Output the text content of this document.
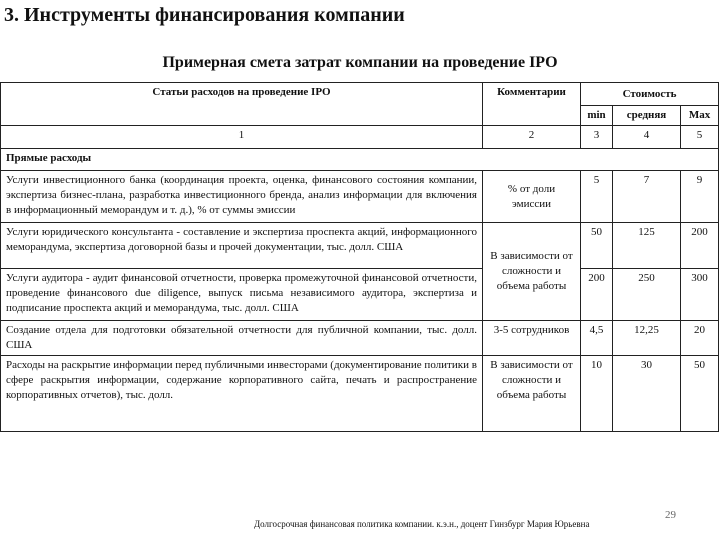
3. Инструменты финансирования компании
Примерная смета затрат компании на проведение IPO
Статьи расходов на проведение IPO	Комментарии	Стоимость		
		min	средняя	Max
1	2	3	4	5
Прямые расходы				
Услуги инвестиционного банка (координация проекта, оценка, финансового состояния компании, экспертиза бизнес-плана, разработка инвестиционного бренда, анализ информации для включения в информационный меморандум и т. д.), % от суммы эмиссии	% от доли эмиссии	5	7	9
Услуги юридического консультанта - составление и экспертиза проспекта акций, информационного меморандума, экспертиза договорной базы и прочей документации, тыс. долл. США	В зависимости от сложности и объема работы	50	125	200
Услуги аудитора - аудит финансовой отчетности, проверка промежуточной финансовой отчетности, проведение финансового due diligence, выпуск письма независимого аудитора, экспертиза и подписание проспекта акций и меморандума, тыс. долл. США		200	250	300
Создание отдела для подготовки обязательной отчетности для публичной компании, тыс. долл. США	3-5 сотрудников	4,5	12,25	20
Расходы на раскрытие информации перед публичными инвесторами (документирование политики в сфере раскрытия информации, содержание корпоративного сайта, печать и распространение корпоративных отчетов), тыс. долл.	В зависимости от сложности и объема работы	10	30	50
29
Долгосрочная финансовая политика компании. к.э.н., доцент Гинзбург Мария Юрьевна
